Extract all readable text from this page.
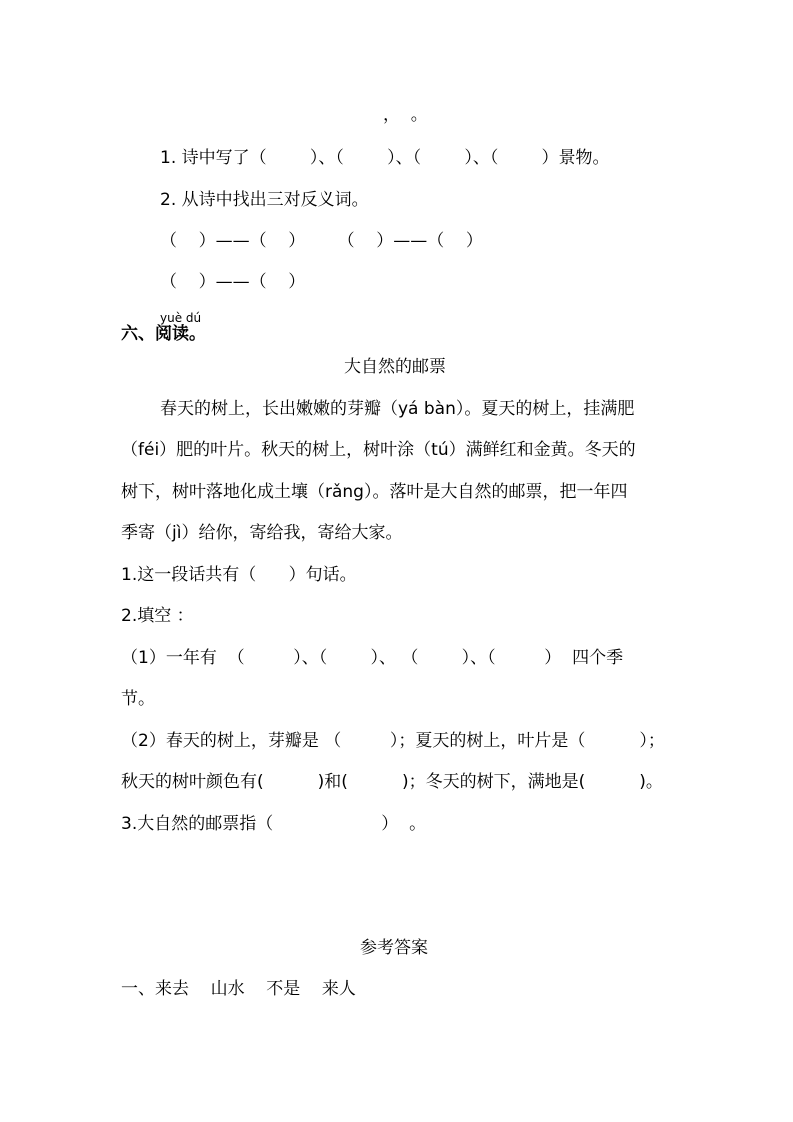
，  。
1. 诗中写了（        ）、（        ）、（        ）、（        ）景物。
2. 从诗中找出三对反义词。
（    ）——（    ）      （    ）——（    ）
（    ）——（    ）
yuè dú
六、阅读。
大自然的邮票
春天的树上，长出嫩嫩的芽瓣（yá bàn）。夏天的树上，挂满肥
（féi）肥的叶片。秋天的树上，树叶涂（tú）满鲜红和金黄。冬天的
树下，树叶落地化成土壤（rǎng）。落叶是大自然的邮票，把一年四
季寄（jì）给你，寄给我，寄给大家。
1.这一段话共有（      ）句话。
2.填空 ：
（1）一年有  （         ）、（        ）、 （        ）、（         ）  四个季
节。
（2）春天的树上，芽瓣是 （         ）；夏天的树上，叶片是（          ）；
秋天的树叶颜色有(          )和(          )；冬天的树下，满地是(          )。
3.大自然的邮票指（                    ）  。
参考答案
一、来去    山水    不是    来人
